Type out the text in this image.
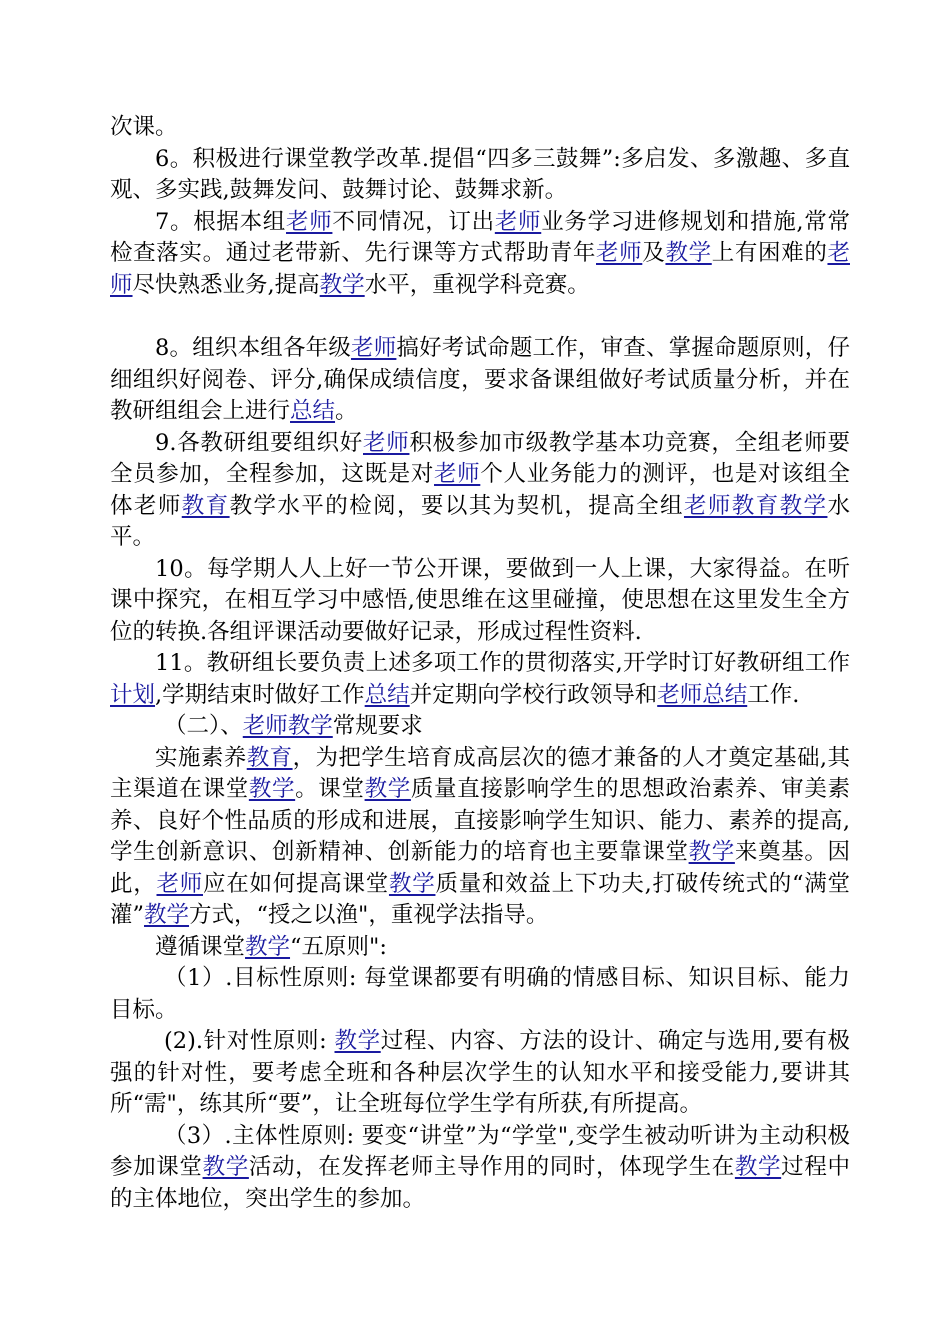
次课。

6。积极进行课堂教学改革.提倡“四多三鼓舞”:多启发、多激趣、多直观、多实践,鼓舞发问、鼓舞讨论、鼓舞求新。

7。根据本组老师不同情况，订出老师业务学习进修规划和措施,常常检查落实。通过老带新、先行课等方式帮助青年老师及教学上有困难的老师尽快熟悉业务,提高教学水平，重视学科竞赛。

8。组织本组各年级老师搞好考试命题工作，审查、掌握命题原则，仔细组织好阅卷、评分,确保成绩信度，要求备课组做好考试质量分析，并在教研组组会上进行总结。

9.各教研组要组织好老师积极参加市级教学基本功竞赛，全组老师要全员参加，全程参加，这既是对老师个人业务能力的测评，也是对该组全体老师教育教学水平的检阅，要以其为契机，提高全组老师教育教学水平。

10。每学期人人上好一节公开课，要做到一人上课，大家得益。在听课中探究，在相互学习中感悟,使思维在这里碰撞，使思想在这里发生全方位的转换.各组评课活动要做好记录，形成过程性资料.

11。教研组长要负责上述多项工作的贯彻落实,开学时订好教研组工作计划,学期结束时做好工作总结并定期向学校行政领导和老师总结工作.

（二）、老师教学常规要求

实施素养教育，为把学生培育成高层次的德才兼备的人才奠定基础,其主渠道在课堂教学。课堂教学质量直接影响学生的思想政治素养、审美素养、良好个性品质的形成和进展，直接影响学生知识、能力、素养的提高,学生创新意识、创新精神、创新能力的培育也主要靠课堂教学来奠基。因此，老师应在如何提高课堂教学质量和效益上下功夫,打破传统式的“满堂灌”教学方式，“授之以渔"，重视学法指导。

遵循课堂教学“五原则":

（1）.目标性原则: 每堂课都要有明确的情感目标、知识目标、能力目标。

(2).针对性原则: 教学过程、内容、方法的设计、确定与选用,要有极强的针对性，要考虑全班和各种层次学生的认知水平和接受能力,要讲其所“需"，练其所“要”，让全班每位学生学有所获,有所提高。

（3）.主体性原则: 要变“讲堂”为“学堂",变学生被动听讲为主动积极参加课堂教学活动，在发挥老师主导作用的同时，体现学生在教学过程中的主体地位，突出学生的参加。
